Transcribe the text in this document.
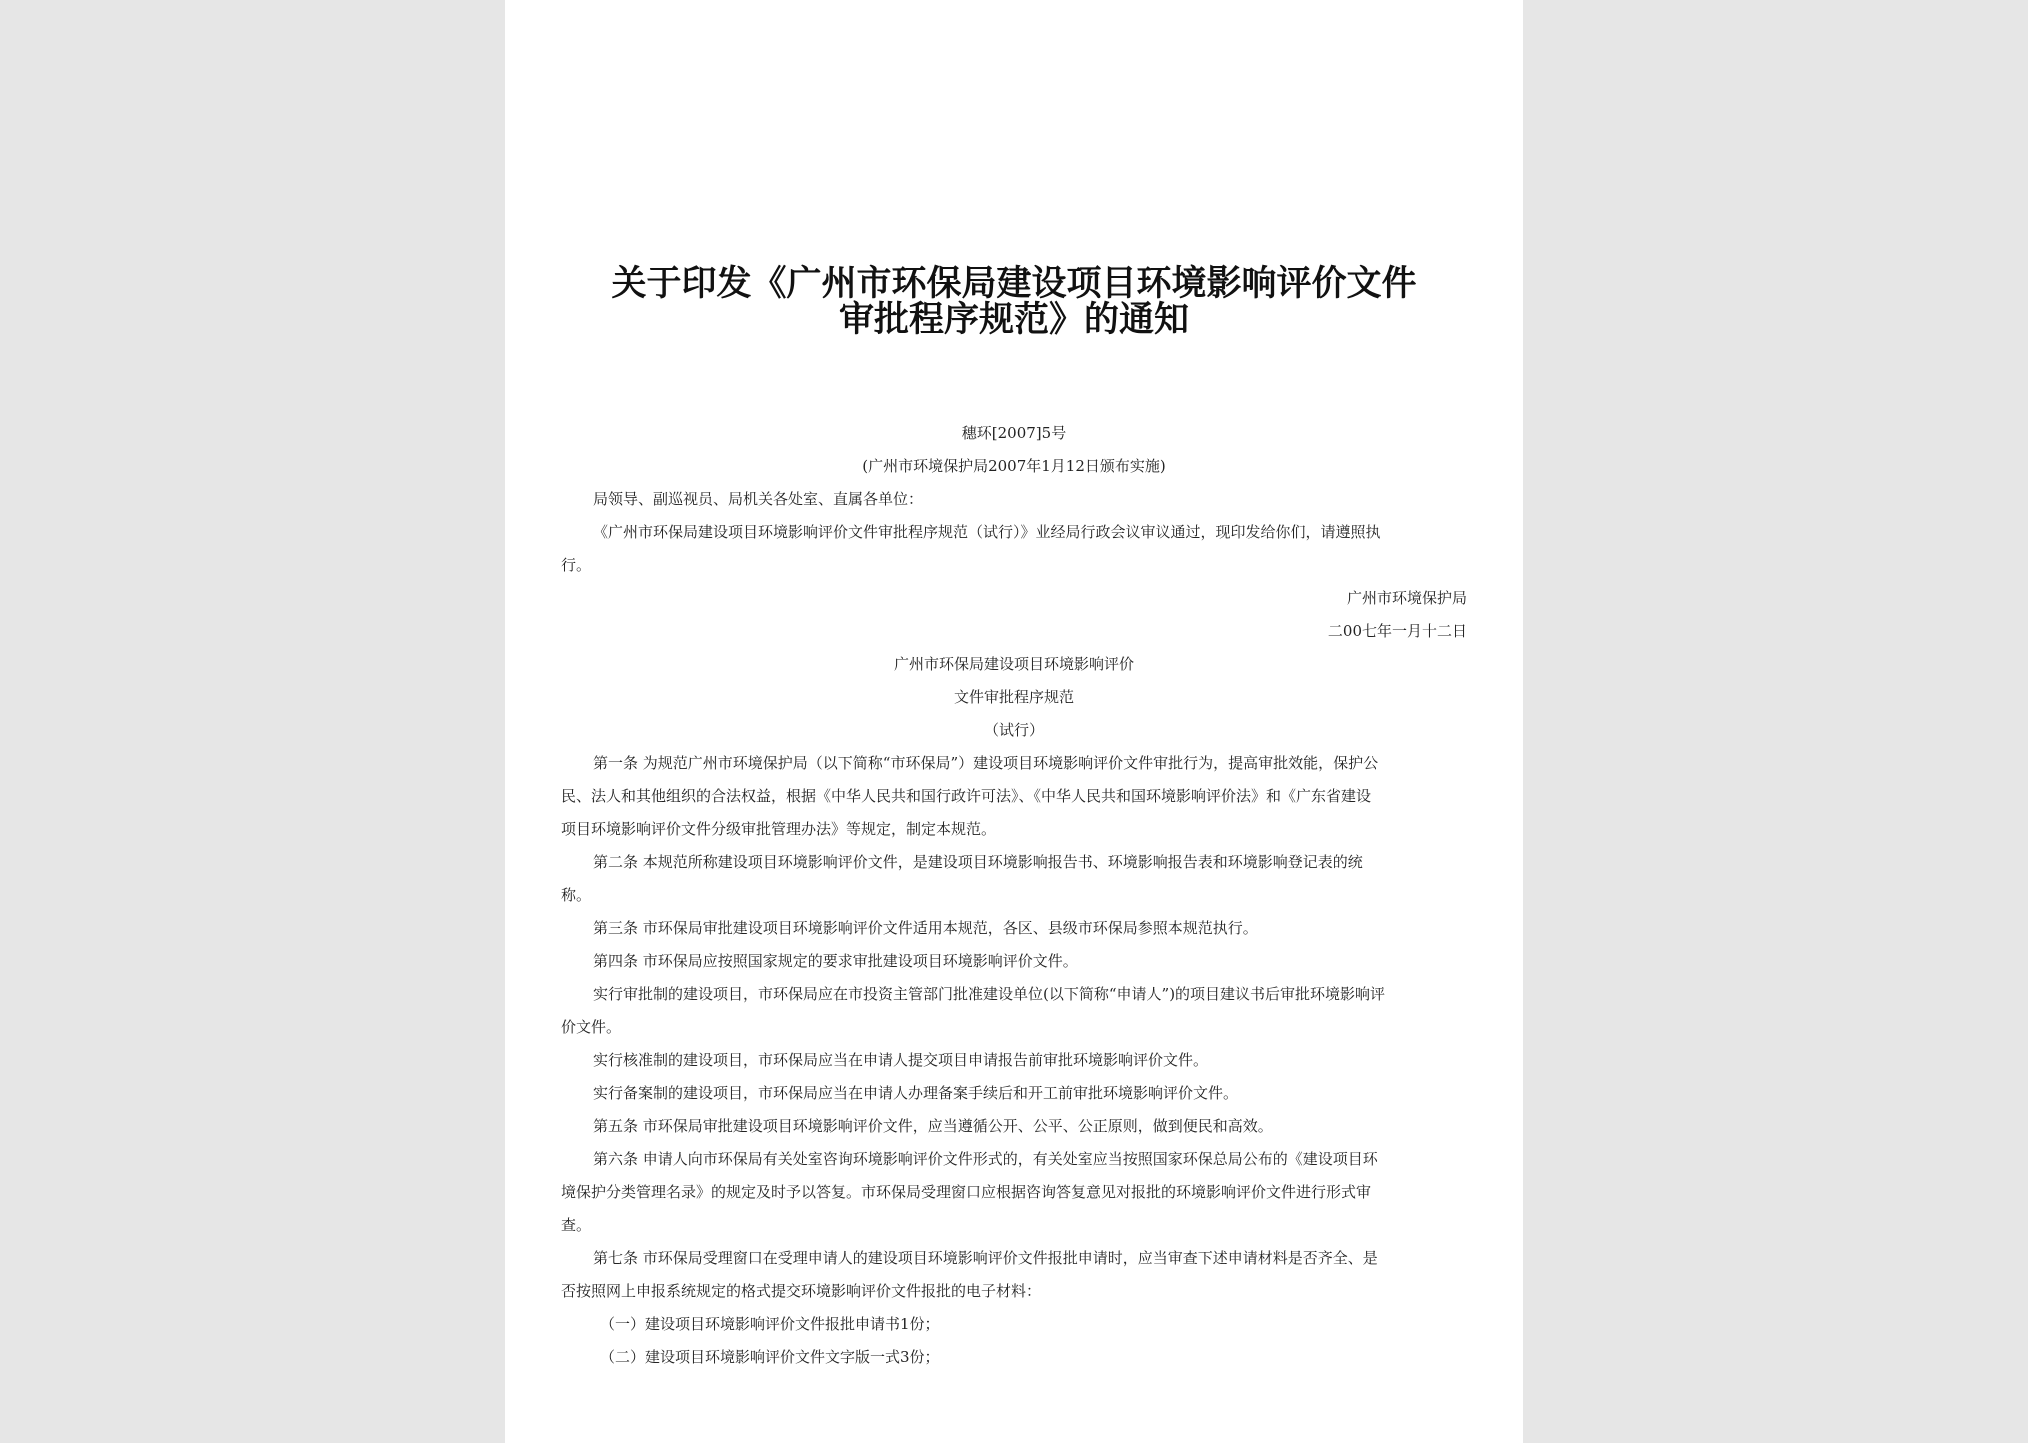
关于印发《广州市环保局建设项目环境影响评价文件
审批程序规范》的通知
穗环[2007]5号
(广州市环境保护局2007年1月12日颁布实施)
局领导、副巡视员、局机关各处室、直属各单位：
《广州市环保局建设项目环境影响评价文件审批程序规范（试行）》业经局行政会议审议通过，现印发给你们，请遵照执
行。
广州市环境保护局
二00七年一月十二日
广州市环保局建设项目环境影响评价
文件审批程序规范
（试行）
第一条 为规范广州市环境保护局（以下简称“市环保局”）建设项目环境影响评价文件审批行为，提高审批效能，保护公
民、法人和其他组织的合法权益，根据《中华人民共和国行政许可法》、《中华人民共和国环境影响评价法》和《广东省建设
项目环境影响评价文件分级审批管理办法》等规定，制定本规范。
第二条 本规范所称建设项目环境影响评价文件，是建设项目环境影响报告书、环境影响报告表和环境影响登记表的统
称。
第三条 市环保局审批建设项目环境影响评价文件适用本规范，各区、县级市环保局参照本规范执行。
第四条 市环保局应按照国家规定的要求审批建设项目环境影响评价文件。
实行审批制的建设项目，市环保局应在市投资主管部门批准建设单位(以下简称“申请人”)的项目建议书后审批环境影响评
价文件。
实行核准制的建设项目，市环保局应当在申请人提交项目申请报告前审批环境影响评价文件。
实行备案制的建设项目，市环保局应当在申请人办理备案手续后和开工前审批环境影响评价文件。
第五条 市环保局审批建设项目环境影响评价文件，应当遵循公开、公平、公正原则，做到便民和高效。
第六条 申请人向市环保局有关处室咨询环境影响评价文件形式的，有关处室应当按照国家环保总局公布的《建设项目环
境保护分类管理名录》的规定及时予以答复。市环保局受理窗口应根据咨询答复意见对报批的环境影响评价文件进行形式审
查。
第七条 市环保局受理窗口在受理申请人的建设项目环境影响评价文件报批申请时，应当审查下述申请材料是否齐全、是
否按照网上申报系统规定的格式提交环境影响评价文件报批的电子材料：
（一）建设项目环境影响评价文件报批申请书1份；
（二）建设项目环境影响评价文件文字版一式3份；
